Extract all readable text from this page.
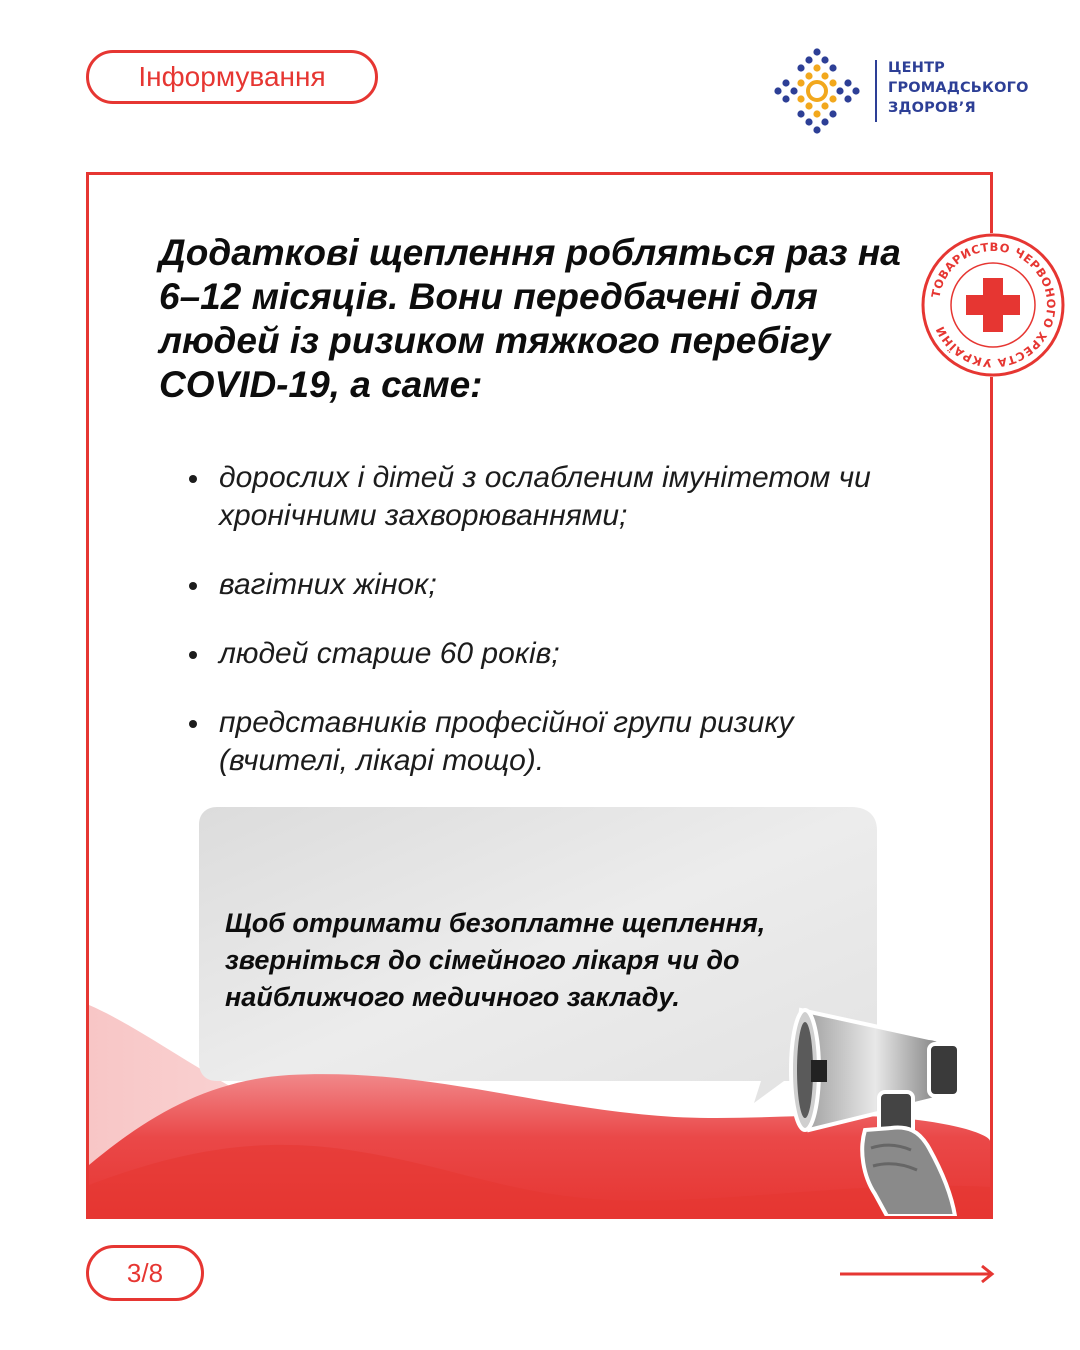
Інформування	ЦЕНТР
ГРОМАДСЬКОГО
ЗДОРОВ’Я

Додаткові щеплення робляться раз на 6–12 місяців. Вони передбачені для людей із ризиком тяжкого перебігу COVID-19, а саме:

дорослих і дітей з ослабленим імунітетом чи хронічними захворюваннями;
вагітних жінок;
людей старше 60 років;
представників професійної групи ризику (вчителі, лікарі тощо).

Щоб отримати безоплатне щеплення, зверніться до сімейного лікаря чи до найближчого медичного закладу.

ТОВАРИСТВО ЧЕРВОНОГО ХРЕСТА УКРАЇНИ
3/8
